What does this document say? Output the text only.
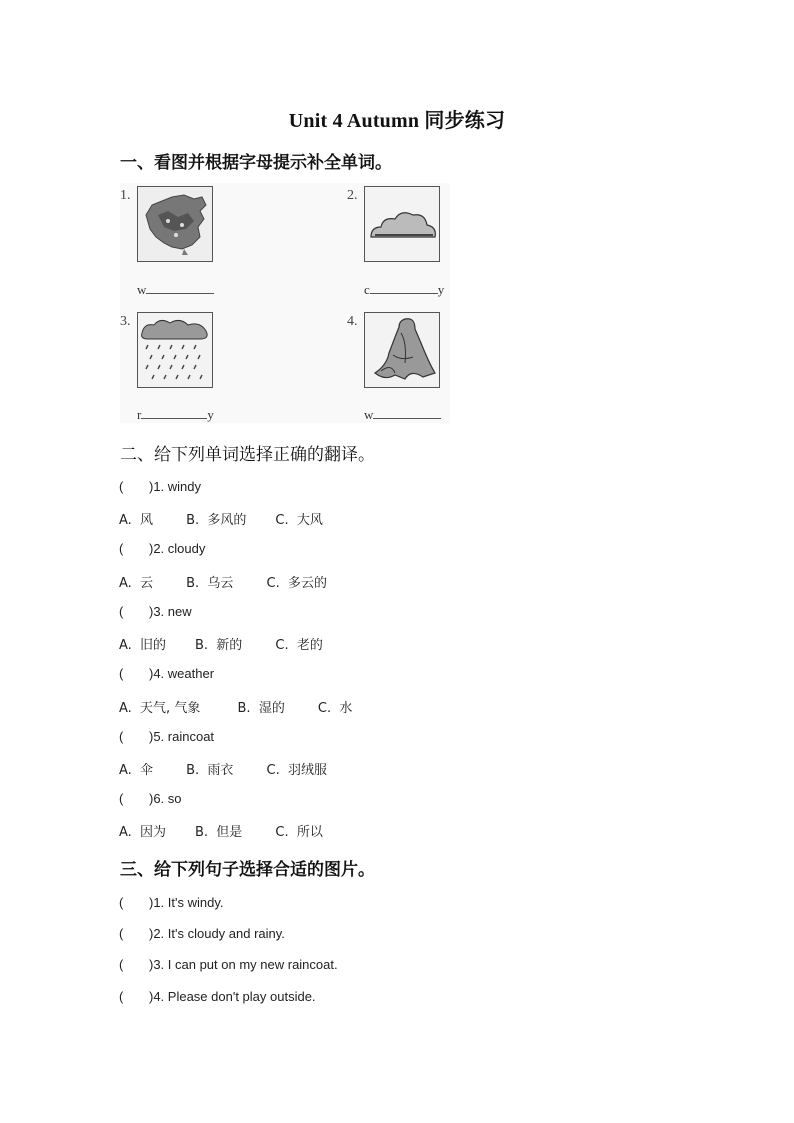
Unit 4 Autumn 同步练习
一、看图并根据字母提示补全单词。
1.
w
2.
c	y
3.
r	y
4.
w
二、给下列单词选择正确的翻译。
( )1. windy
A.  风        B.  多风的       C.  大风
( )2. cloudy
A.  云        B.  乌云        C.  多云的
( )3. new
A.  旧的       B.  新的        C.  老的
( )4. weather
A.  天气, 气象         B.  湿的        C.  水
( )5. raincoat
A.  伞        B.  雨衣        C.  羽绒服
( )6. so
A.  因为       B.  但是        C.  所以
三、给下列句子选择合适的图片。
( )1. It's windy.
( )2. It's cloudy and rainy.
( )3. I can put on my new raincoat.
( )4. Please don't play outside.
